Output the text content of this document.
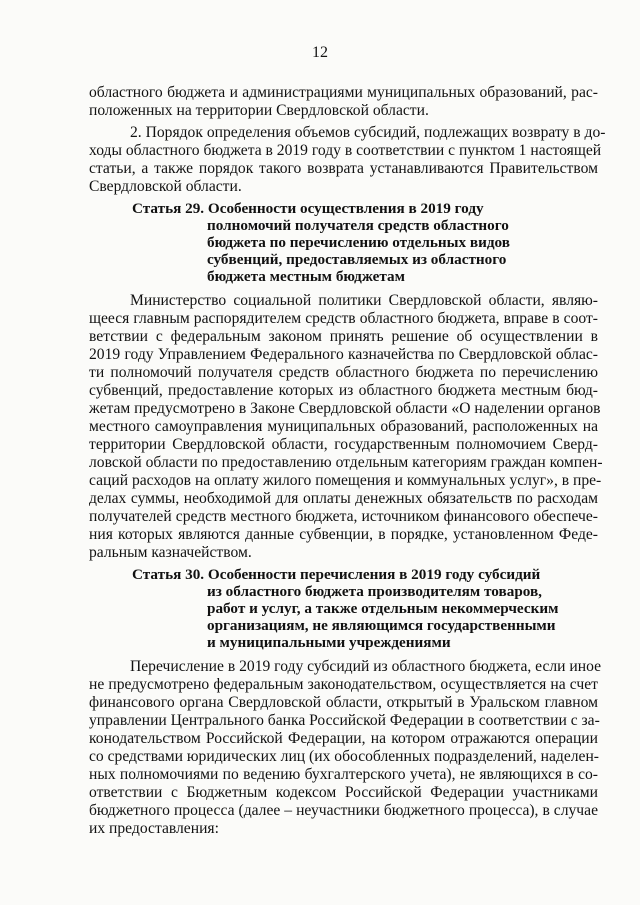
12
областного бюджета и администрациями муниципальных образований, рас-
положенных на территории Свердловской области.
2. Порядок определения объемов субсидий, подлежащих возврату в до-
ходы областного бюджета в 2019 году в соответствии с пунктом 1 настоящей
статьи, а также порядок такого возврата устанавливаются Правительством
Свердловской области.
Статья 29. Особенности осуществления в 2019 году
полномочий получателя средств областного
бюджета по перечислению отдельных видов
субвенций, предоставляемых из областного
бюджета местным бюджетам
Министерство социальной политики Свердловской области, являю-
щееся главным распорядителем средств областного бюджета, вправе в соот-
ветствии с федеральным законом принять решение об осуществлении в
2019 году Управлением Федерального казначейства по Свердловской облас-
ти полномочий получателя средств областного бюджета по перечислению
субвенций, предоставление которых из областного бюджета местным бюд-
жетам предусмотрено в Законе Свердловской области «О наделении органов
местного самоуправления муниципальных образований, расположенных на
территории Свердловской области, государственным полномочием Сверд-
ловской области по предоставлению отдельным категориям граждан компен-
саций расходов на оплату жилого помещения и коммунальных услуг», в пре-
делах суммы, необходимой для оплаты денежных обязательств по расходам
получателей средств местного бюджета, источником финансового обеспече-
ния которых являются данные субвенции, в порядке, установленном Феде-
ральным казначейством.
Статья 30. Особенности перечисления в 2019 году субсидий
из областного бюджета производителям товаров,
работ и услуг, а также отдельным некоммерческим
организациям, не являющимся государственными
и муниципальными учреждениями
Перечисление в 2019 году субсидий из областного бюджета, если иное
не предусмотрено федеральным законодательством, осуществляется на счет
финансового органа Свердловской области, открытый в Уральском главном
управлении Центрального банка Российской Федерации в соответствии с за-
конодательством Российской Федерации, на котором отражаются операции
со средствами юридических лиц (их обособленных подразделений, наделен-
ных полномочиями по ведению бухгалтерского учета), не являющихся в со-
ответствии с Бюджетным кодексом Российской Федерации участниками
бюджетного процесса (далее – неучастники бюджетного процесса), в случае
их предоставления:
